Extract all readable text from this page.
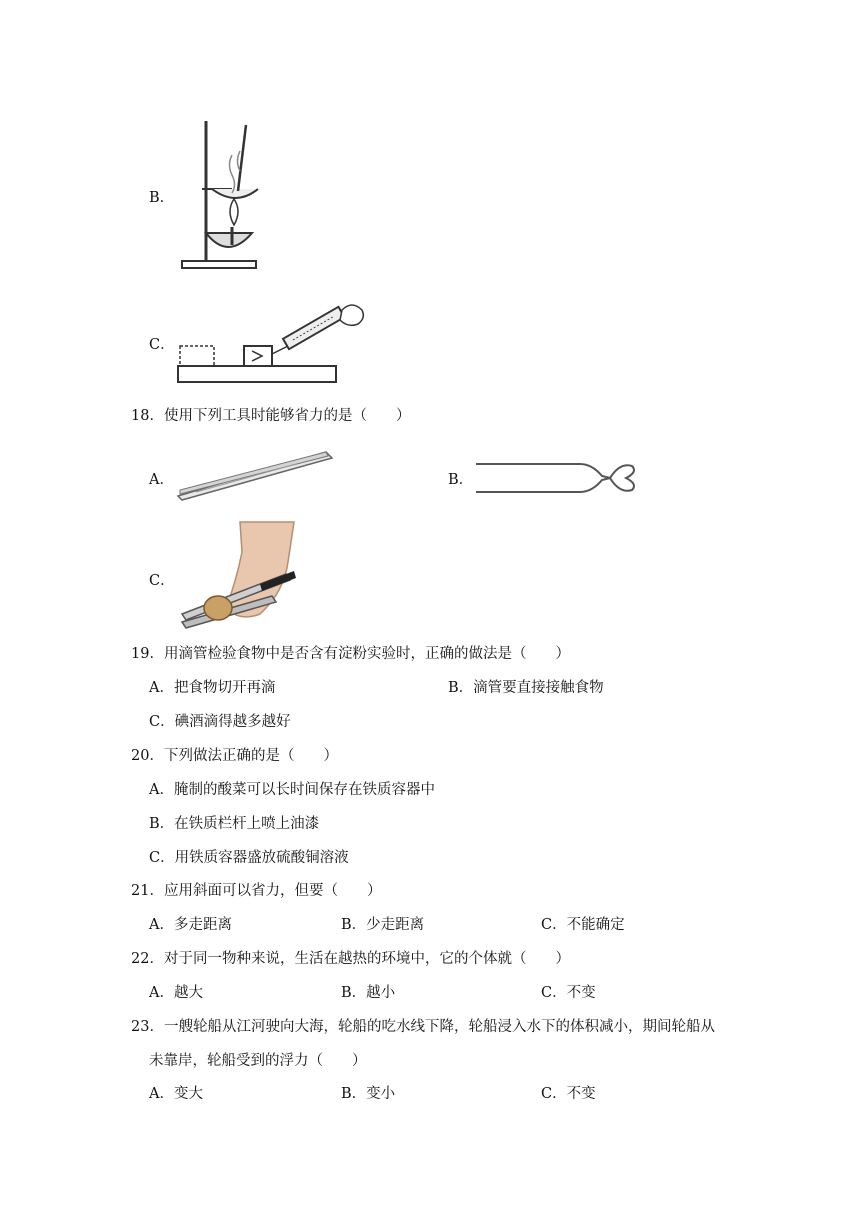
B．
C．
18．使用下列工具时能够省力的是（　　）
A．	B．
C．
19．用滴管检验食物中是否含有淀粉实验时，正确的做法是（　　）
A．把食物切开再滴	B．滴管要直接接触食物
C．碘酒滴得越多越好
20．下列做法正确的是（　　）
A．腌制的酸菜可以长时间保存在铁质容器中
B．在铁质栏杆上喷上油漆
C．用铁质容器盛放硫酸铜溶液
21．应用斜面可以省力，但要（　　）
A．多走距离	B．少走距离	C．不能确定
22．对于同一物种来说，生活在越热的环境中，它的个体就（　　）
A．越大	B．越小	C．不变
23．一艘轮船从江河驶向大海，轮船的吃水线下降，轮船浸入水下的体积减小，期间轮船从
未靠岸，轮船受到的浮力（　　）
A．变大	B．变小	C．不变
